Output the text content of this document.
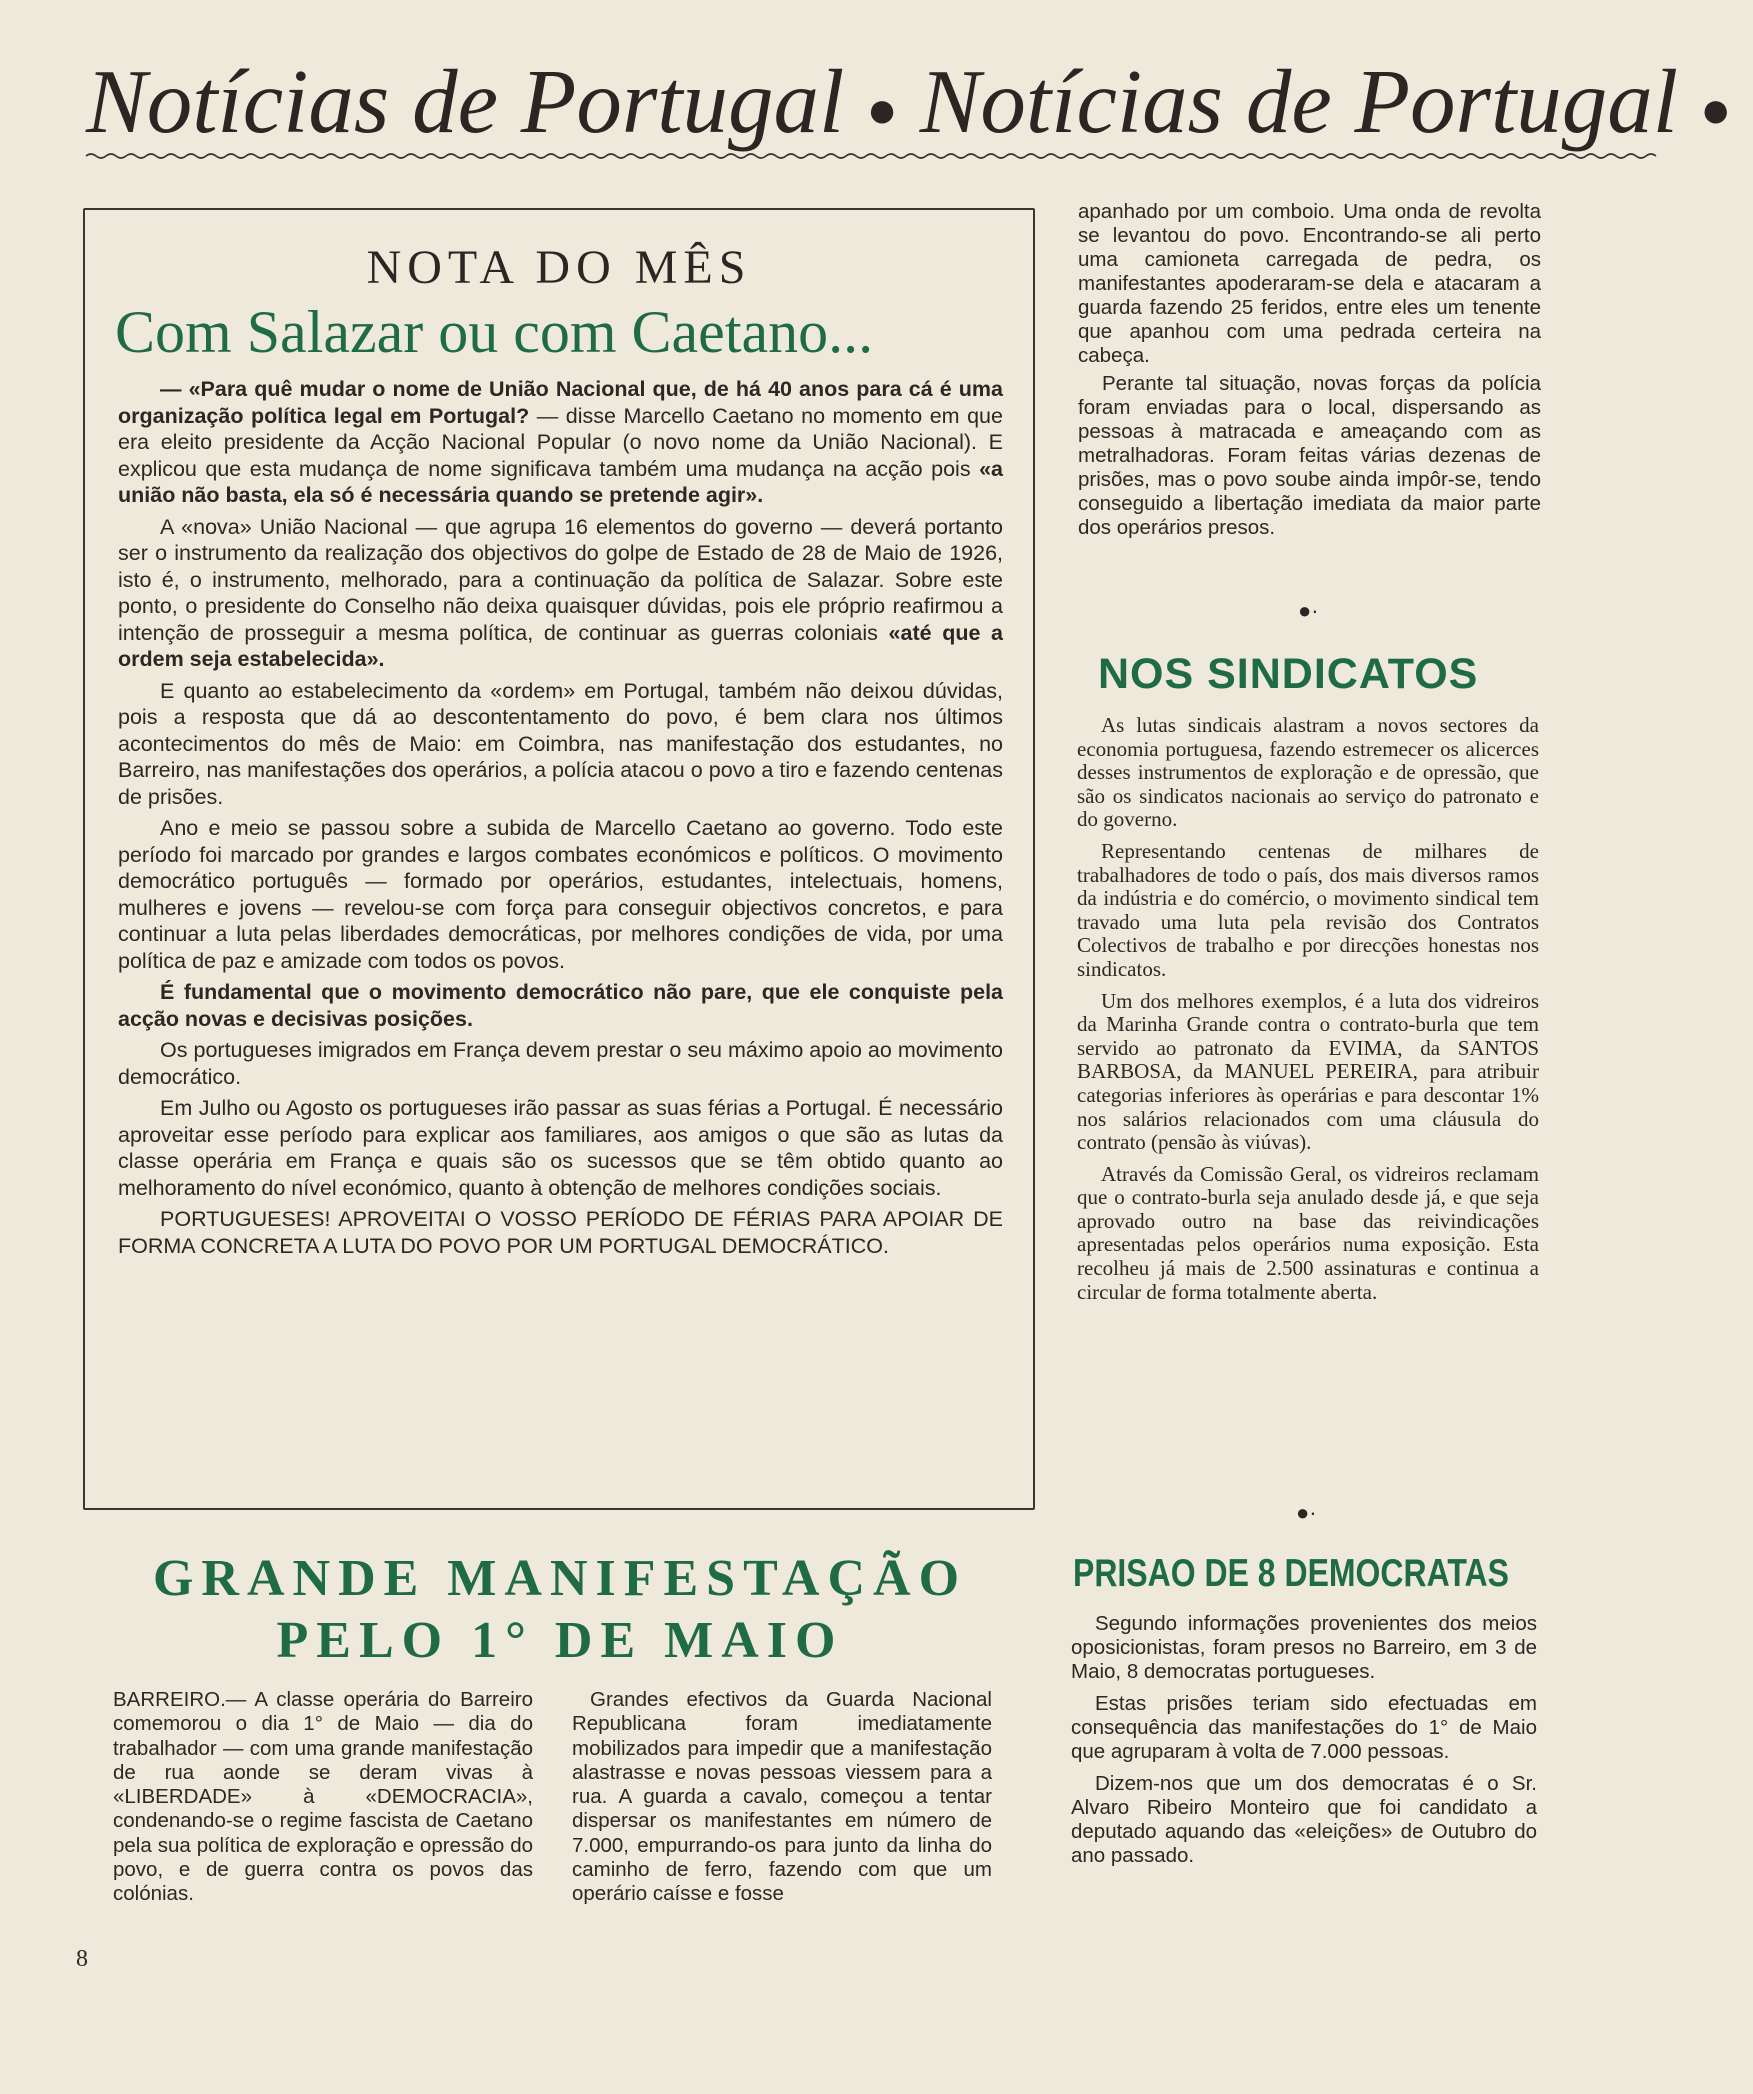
Notícias de Portugal ● Notícias de Portugal ●
NOTA DO MÊS
Com Salazar ou com Caetano...

— «Para quê mudar o nome de União Nacional que, de há 40 anos para cá é uma organização política legal em Portugal? — disse Marcello Caetano no momento em que era eleito presidente da Acção Nacional Popular (o novo nome da União Nacional). E explicou que esta mudança de nome significava também uma mudança na acção pois «a união não basta, ela só é necessária quando se pretende agir».

A «nova» União Nacional — que agrupa 16 elementos do governo — deverá portanto ser o instrumento da realização dos objectivos do golpe de Estado de 28 de Maio de 1926, isto é, o instrumento, melhorado, para a continuação da política de Salazar. Sobre este ponto, o presidente do Conselho não deixa quaisquer dúvidas, pois ele próprio reafirmou a intenção de prosseguir a mesma política, de continuar as guerras coloniais «até que a ordem seja estabelecida».

E quanto ao estabelecimento da «ordem» em Portugal, também não deixou dúvidas, pois a resposta que dá ao descontentamento do povo, é bem clara nos últimos acontecimentos do mês de Maio: em Coimbra, nas manifestação dos estudantes, no Barreiro, nas manifestações dos operários, a polícia atacou o povo a tiro e fazendo centenas de prisões.

Ano e meio se passou sobre a subida de Marcello Caetano ao governo. Todo este período foi marcado por grandes e largos combates económicos e políticos. O movimento democrático português — formado por operários, estudantes, intelectuais, homens, mulheres e jovens — revelou-se com força para conseguir objectivos concretos, e para continuar a luta pelas liberdades democráticas, por melhores condições de vida, por uma política de paz e amizade com todos os povos.

É fundamental que o movimento democrático não pare, que ele conquiste pela acção novas e decisivas posições.

Os portugueses imigrados em França devem prestar o seu máximo apoio ao movimento democrático.

Em Julho ou Agosto os portugueses irão passar as suas férias a Portugal. É necessário aproveitar esse período para explicar aos familiares, aos amigos o que são as lutas da classe operária em França e quais são os sucessos que se têm obtido quanto ao melhoramento do nível económico, quanto à obtenção de melhores condições sociais.

PORTUGUESES! APROVEITAI O VOSSO PERÍODO DE FÉRIAS PARA APOIAR DE FORMA CONCRETA A LUTA DO POVO POR UM PORTUGAL DEMOCRÁTICO.

apanhado por um comboio. Uma onda de revolta se levantou do povo. Encontrando-se ali perto uma camioneta carregada de pedra, os manifestantes apoderaram-se dela e atacaram a guarda fazendo 25 feridos, entre eles um tenente que apanhou com uma pedrada certeira na cabeça.

Perante tal situação, novas forças da polícia foram enviadas para o local, dispersando as pessoas à matracada e ameaçando com as metralhadoras. Foram feitas várias dezenas de prisões, mas o povo soube ainda impôr-se, tendo conseguido a libertação imediata da maior parte dos operários presos.

●·
NOS SINDICATOS

As lutas sindicais alastram a novos sectores da economia portuguesa, fazendo estremecer os alicerces desses instrumentos de exploração e de opressão, que são os sindicatos nacionais ao serviço do patronato e do governo.

Representando centenas de milhares de trabalhadores de todo o país, dos mais diversos ramos da indústria e do comércio, o movimento sindical tem travado uma luta pela revisão dos Contratos Colectivos de trabalho e por direcções honestas nos sindicatos.

Um dos melhores exemplos, é a luta dos vidreiros da Marinha Grande contra o contrato-burla que tem servido ao patronato da EVIMA, da SANTOS BARBOSA, da MANUEL PEREIRA, para atribuir categorias inferiores às operárias e para descontar 1% nos salários relacionados com uma cláusula do contrato (pensão às viúvas).

Através da Comissão Geral, os vidreiros reclamam que o contrato-burla seja anulado desde já, e que seja aprovado outro na base das reivindicações apresentadas pelos operários numa exposição. Esta recolheu já mais de 2.500 assinaturas e continua a circular de forma totalmente aberta.

●·
GRANDE MANIFESTAÇÃO
PELO 1° DE MAIO

BARREIRO.— A classe operária do Barreiro comemorou o dia 1° de Maio — dia do trabalhador — com uma grande manifestação de rua aonde se deram vivas à «LIBERDADE» à «DEMOCRACIA», condenando-se o regime fascista de Caetano pela sua política de exploração e opressão do povo, e de guerra contra os povos das colónias.

Grandes efectivos da Guarda Nacional Republicana foram imediatamente mobilizados para impedir que a manifestação alastrasse e novas pessoas viessem para a rua. A guarda a cavalo, começou a tentar dispersar os manifestantes em número de 7.000, empurrando-os para junto da linha do caminho de ferro, fazendo com que um operário caísse e fosse

PRISAO DE 8 DEMOCRATAS

Segundo informações provenientes dos meios oposicionistas, foram presos no Barreiro, em 3 de Maio, 8 democratas portugueses.

Estas prisões teriam sido efectuadas em consequência das manifestações do 1° de Maio que agruparam à volta de 7.000 pessoas.

Dizem-nos que um dos democratas é o Sr. Alvaro Ribeiro Monteiro que foi candidato a deputado aquando das «eleições» de Outubro do ano passado.

8
